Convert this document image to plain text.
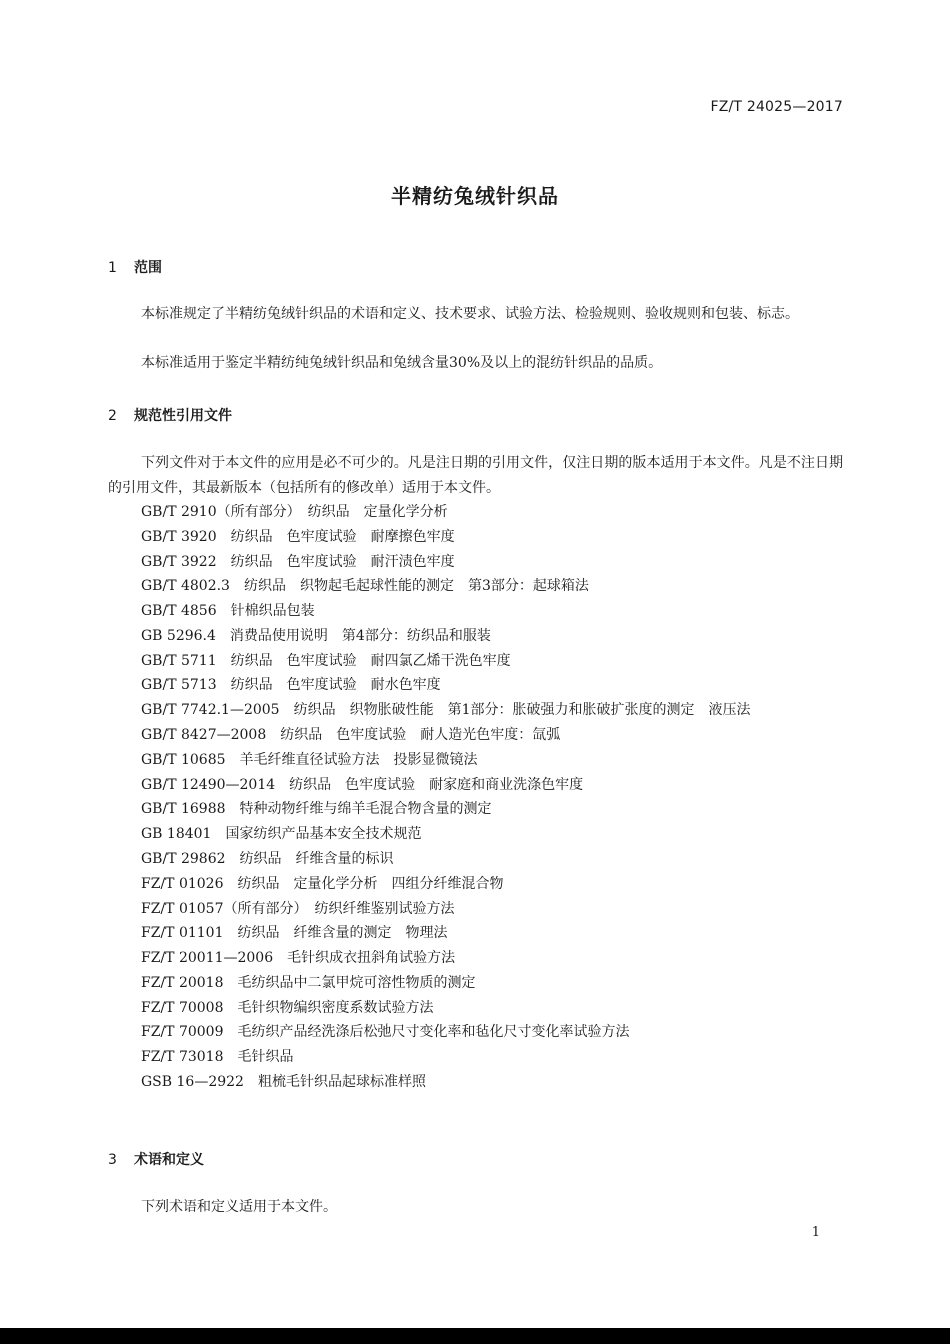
FZ/T 24025—2017
半精纺兔绒针织品
1 范围

本标准规定了半精纺兔绒针织品的术语和定义、技术要求、试验方法、检验规则、验收规则和包装、标志。

本标准适用于鉴定半精纺纯兔绒针织品和兔绒含量30%及以上的混纺针织品的品质。

2 规范性引用文件

下列文件对于本文件的应用是必不可少的。凡是注日期的引用文件，仅注日期的版本适用于本文件。凡是不注日期的引用文件，其最新版本（包括所有的修改单）适用于本文件。

GB/T 2910（所有部分）　纺织品　定量化学分析
GB/T 3920　纺织品　色牢度试验　耐摩擦色牢度
GB/T 3922　纺织品　色牢度试验　耐汗渍色牢度
GB/T 4802.3　纺织品　织物起毛起球性能的测定　第3部分：起球箱法
GB/T 4856　针棉织品包装
GB 5296.4　消费品使用说明　第4部分：纺织品和服装
GB/T 5711　纺织品　色牢度试验　耐四氯乙烯干洗色牢度
GB/T 5713　纺织品　色牢度试验　耐水色牢度
GB/T 7742.1—2005　纺织品　织物胀破性能　第1部分：胀破强力和胀破扩张度的测定　液压法
GB/T 8427—2008　纺织品　色牢度试验　耐人造光色牢度：氙弧
GB/T 10685　羊毛纤维直径试验方法　投影显微镜法
GB/T 12490—2014　纺织品　色牢度试验　耐家庭和商业洗涤色牢度
GB/T 16988　特种动物纤维与绵羊毛混合物含量的测定
GB 18401　国家纺织产品基本安全技术规范
GB/T 29862　纺织品　纤维含量的标识
FZ/T 01026　纺织品　定量化学分析　四组分纤维混合物
FZ/T 01057（所有部分）　纺织纤维鉴别试验方法
FZ/T 01101　纺织品　纤维含量的测定　物理法
FZ/T 20011—2006　毛针织成衣扭斜角试验方法
FZ/T 20018　毛纺织品中二氯甲烷可溶性物质的测定
FZ/T 70008　毛针织物编织密度系数试验方法
FZ/T 70009　毛纺织产品经洗涤后松弛尺寸变化率和毡化尺寸变化率试验方法
FZ/T 73018　毛针织品
GSB 16—2922　粗梳毛针织品起球标准样照
3 术语和定义

下列术语和定义适用于本文件。

1
